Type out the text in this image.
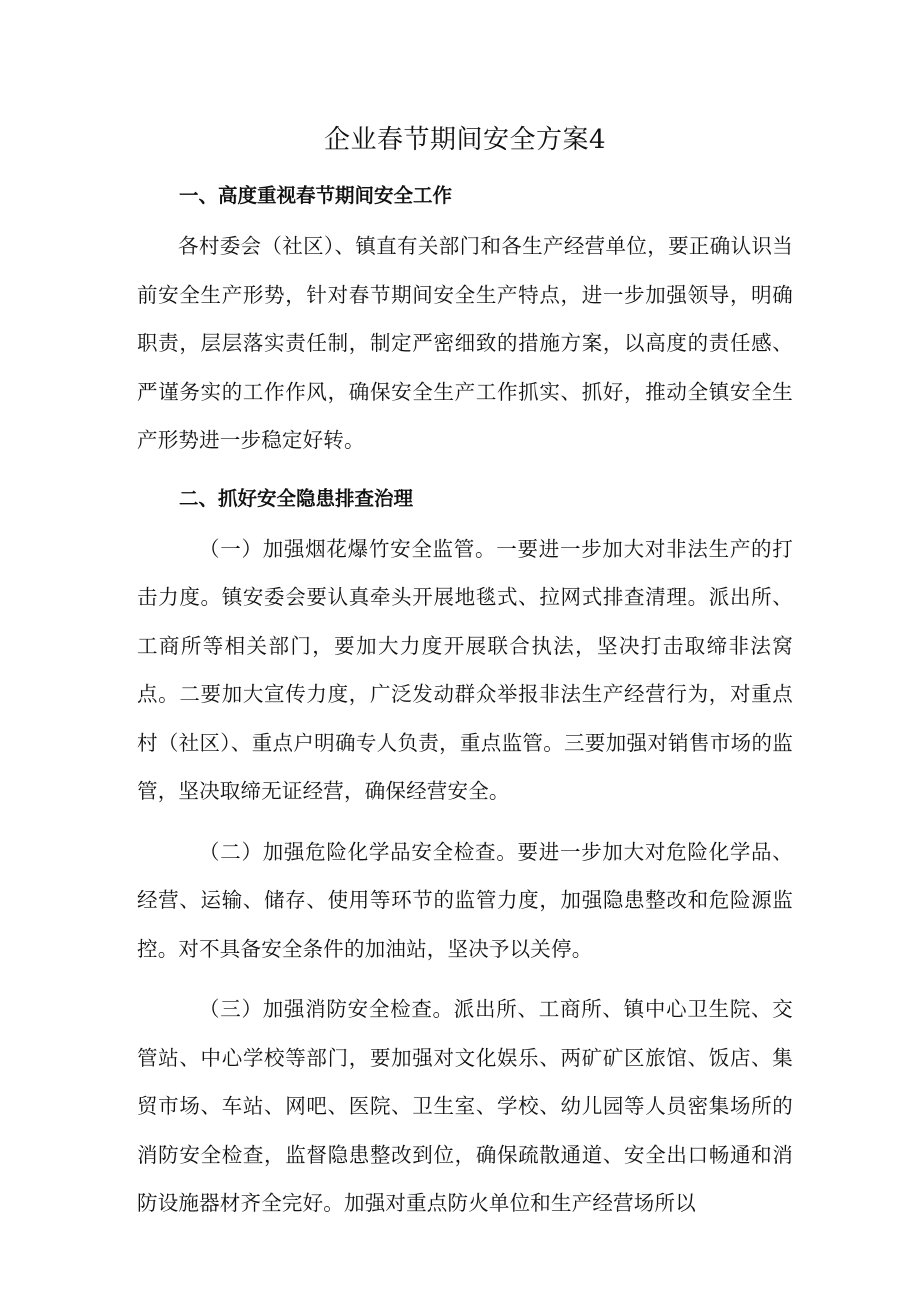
企业春节期间安全方案4
一、高度重视春节期间安全工作

各村委会（社区）、镇直有关部门和各生产经营单位，要正确认识当前安全生产形势，针对春节期间安全生产特点，进一步加强领导，明确职责，层层落实责任制，制定严密细致的措施方案，以高度的责任感、严谨务实的工作作风，确保安全生产工作抓实、抓好，推动全镇安全生产形势进一步稳定好转。

二、抓好安全隐患排查治理

（一）加强烟花爆竹安全监管。一要进一步加大对非法生产的打击力度。镇安委会要认真牵头开展地毯式、拉网式排查清理。派出所、工商所等相关部门，要加大力度开展联合执法，坚决打击取缔非法窝点。二要加大宣传力度，广泛发动群众举报非法生产经营行为，对重点村（社区）、重点户明确专人负责，重点监管。三要加强对销售市场的监管，坚决取缔无证经营，确保经营安全。

（二）加强危险化学品安全检查。要进一步加大对危险化学品、经营、运输、储存、使用等环节的监管力度，加强隐患整改和危险源监控。对不具备安全条件的加油站，坚决予以关停。

（三）加强消防安全检查。派出所、工商所、镇中心卫生院、交管站、中心学校等部门，要加强对文化娱乐、两矿矿区旅馆、饭店、集贸市场、车站、网吧、医院、卫生室、学校、幼儿园等人员密集场所的消防安全检查，监督隐患整改到位，确保疏散通道、安全出口畅通和消防设施器材齐全完好。加强对重点防火单位和生产经营场所以
